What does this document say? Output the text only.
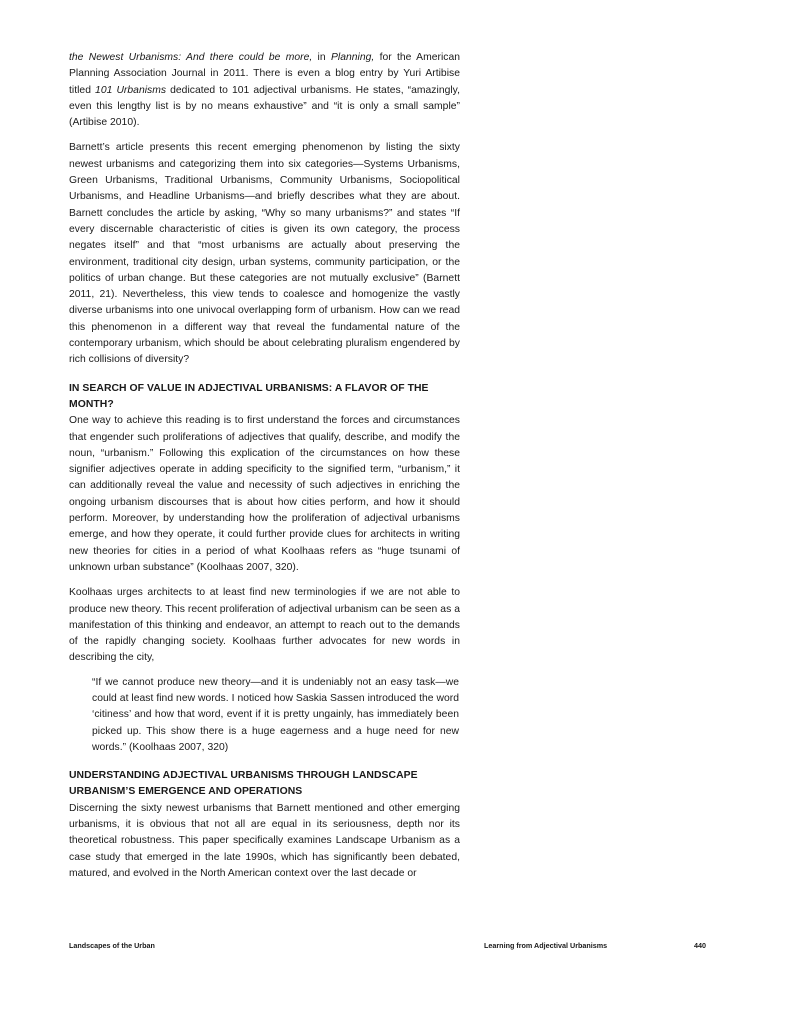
the Newest Urbanisms: And there could be more, in Planning, for the American Planning Association Journal in 2011. There is even a blog entry by Yuri Artibise titled 101 Urbanisms dedicated to 101 adjectival urbanisms. He states, “amazingly, even this lengthy list is by no means exhaustive” and “it is only a small sample” (Artibise 2010).

Barnett’s article presents this recent emerging phenomenon by listing the sixty newest urbanisms and categorizing them into six categories—Systems Urbanisms, Green Urbanisms, Traditional Urbanisms, Community Urbanisms, Sociopolitical Urbanisms, and Headline Urbanisms—and briefly describes what they are about. Barnett concludes the article by asking, “Why so many urbanisms?” and states “If every discernable characteristic of cities is given its own category, the process negates itself” and that “most urbanisms are actually about preserving the environment, traditional city design, urban systems, community participation, or the politics of urban change. But these categories are not mutually exclusive” (Barnett 2011, 21). Nevertheless, this view tends to coalesce and homogenize the vastly diverse urbanisms into one univocal overlapping form of urbanism. How can we read this phenomenon in a different way that reveal the fundamental nature of the contemporary urbanism, which should be about celebrating pluralism engendered by rich collisions of diversity?

IN SEARCH OF VALUE IN ADJECTIVAL URBANISMS: A FLAVOR OF THE MONTH?

One way to achieve this reading is to first understand the forces and circumstances that engender such proliferations of adjectives that qualify, describe, and modify the noun, “urbanism.” Following this explication of the circumstances on how these signifier adjectives operate in adding specificity to the signified term, “urbanism,” it can additionally reveal the value and necessity of such adjectives in enriching the ongoing urbanism discourses that is about how cities perform, and how it should perform. Moreover, by understanding how the proliferation of adjectival urbanisms emerge, and how they operate, it could further provide clues for architects in writing new theories for cities in a period of what Koolhaas refers as “huge tsunami of unknown urban substance” (Koolhaas 2007, 320).

Koolhaas urges architects to at least find new terminologies if we are not able to produce new theory. This recent proliferation of adjectival urbanism can be seen as a manifestation of this thinking and endeavor, an attempt to reach out to the demands of the rapidly changing society. Koolhaas further advocates for new words in describing the city,

“If we cannot produce new theory—and it is undeniably not an easy task—we could at least find new words. I noticed how Saskia Sassen introduced the word ‘citiness’ and how that word, event if it is pretty ungainly, has immediately been picked up. This show there is a huge eagerness and a huge need for new words.” (Koolhaas 2007, 320)

UNDERSTANDING ADJECTIVAL URBANISMS THROUGH LANDSCAPE URBANISM’S EMERGENCE AND OPERATIONS

Discerning the sixty newest urbanisms that Barnett mentioned and other emerging urbanisms, it is obvious that not all are equal in its seriousness, depth nor its theoretical robustness. This paper specifically examines Landscape Urbanism as a case study that emerged in the late 1990s, which has significantly been debated, matured, and evolved in the North American context over the last decade or

Landscapes of the Urban	Learning from Adjectival Urbanisms	440
